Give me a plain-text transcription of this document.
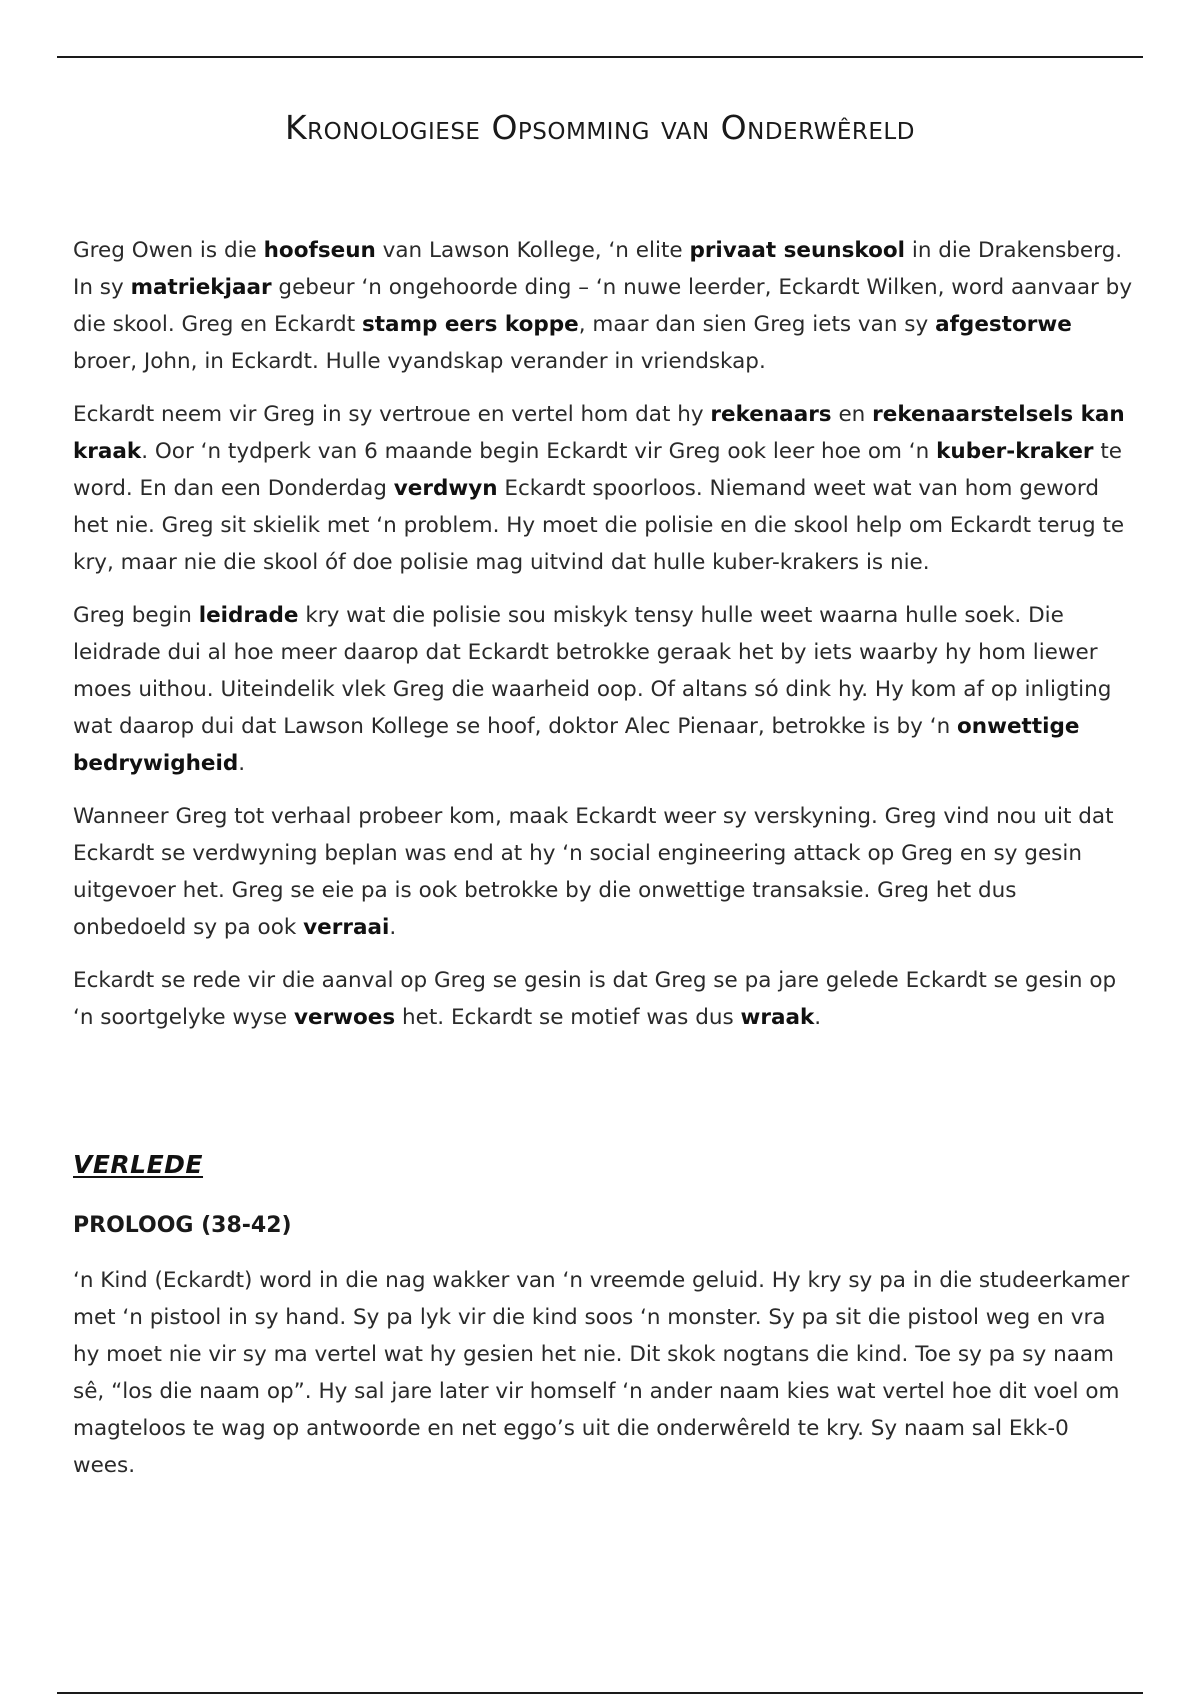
Kronologiese Opsomming van Onderwêreld

Greg Owen is die hoofseun van Lawson Kollege, ‘n elite privaat seunskool in die Drakensberg. In sy matriekjaar gebeur ‘n ongehoorde ding – ‘n nuwe leerder, Eckardt Wilken, word aanvaar by die skool. Greg en Eckardt stamp eers koppe, maar dan sien Greg iets van sy afgestorwe broer, John, in Eckardt. Hulle vyandskap verander in vriendskap.

Eckardt neem vir Greg in sy vertroue en vertel hom dat hy rekenaars en rekenaarstelsels kan kraak. Oor ‘n tydperk van 6 maande begin Eckardt vir Greg ook leer hoe om ‘n kuber-kraker te word. En dan een Donderdag verdwyn Eckardt spoorloos. Niemand weet wat van hom geword het nie. Greg sit skielik met ‘n problem. Hy moet die polisie en die skool help om Eckardt terug te kry, maar nie die skool óf doe polisie mag uitvind dat hulle kuber-krakers is nie.

Greg begin leidrade kry wat die polisie sou miskyk tensy hulle weet waarna hulle soek. Die leidrade dui al hoe meer daarop dat Eckardt betrokke geraak het by iets waarby hy hom liewer moes uithou. Uiteindelik vlek Greg die waarheid oop. Of altans só dink hy. Hy kom af op inligting wat daarop dui dat Lawson Kollege se hoof, doktor Alec Pienaar, betrokke is by ‘n onwettige bedrywigheid.

Wanneer Greg tot verhaal probeer kom, maak Eckardt weer sy verskyning. Greg vind nou uit dat Eckardt se verdwyning beplan was end at hy ‘n social engineering attack op Greg en sy gesin uitgevoer het. Greg se eie pa is ook betrokke by die onwettige transaksie. Greg het dus onbedoeld sy pa ook verraai.

Eckardt se rede vir die aanval op Greg se gesin is dat Greg se pa jare gelede Eckardt se gesin op ‘n soortgelyke wyse verwoes het. Eckardt se motief was dus wraak.

VERLEDE
PROLOOG (38-42)

‘n Kind (Eckardt) word in die nag wakker van ‘n vreemde geluid. Hy kry sy pa in die studeerkamer met ‘n pistool in sy hand. Sy pa lyk vir die kind soos ‘n monster. Sy pa sit die pistool weg en vra hy moet nie vir sy ma vertel wat hy gesien het nie. Dit skok nogtans die kind. Toe sy pa sy naam sê, “los die naam op”. Hy sal jare later vir homself ‘n ander naam kies wat vertel hoe dit voel om magteloos te wag op antwoorde en net eggo’s uit die onderwêreld te kry. Sy naam sal Ekk-0 wees.
